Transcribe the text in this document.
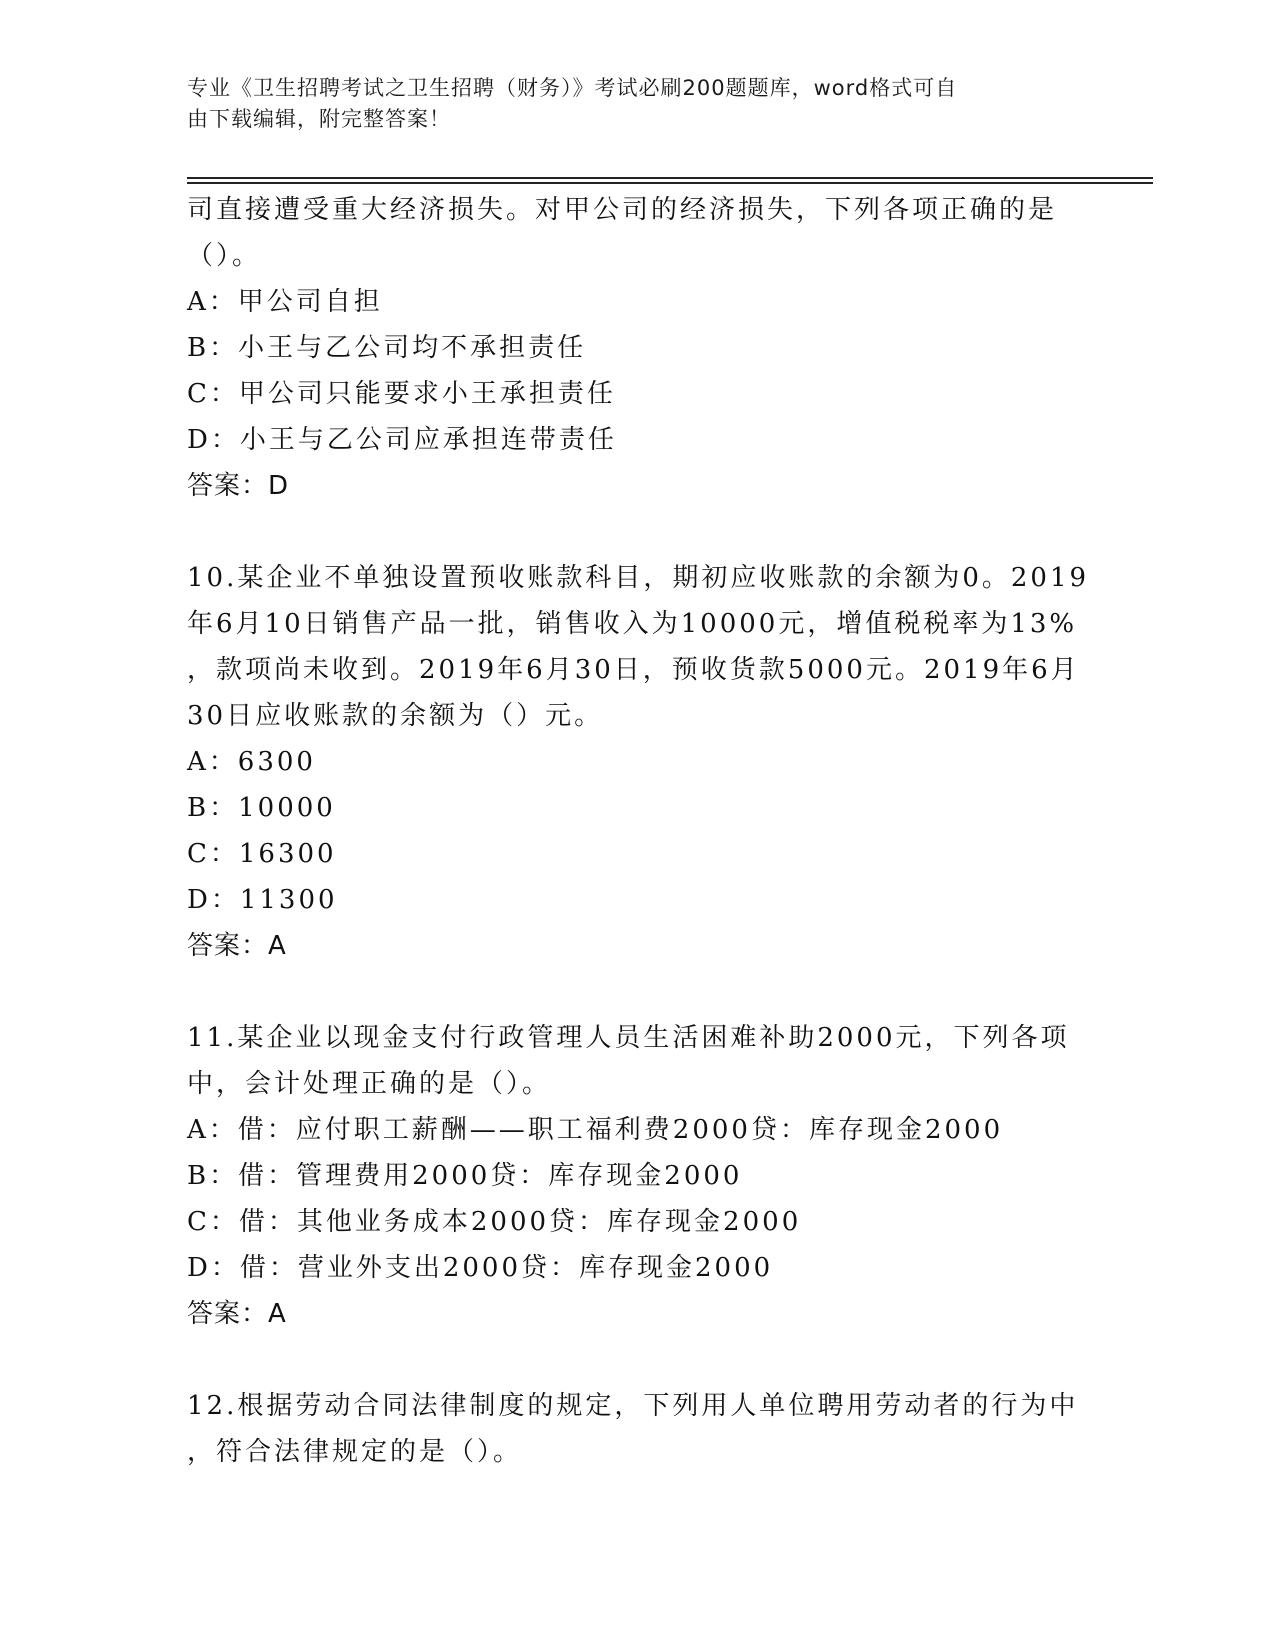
专业《卫生招聘考试之卫生招聘（财务）》考试必刷200题题库，word格式可自
由下载编辑，附完整答案！
司直接遭受重大经济损失。对甲公司的经济损失，下列各项正确的是
（）。
A：甲公司自担
B：小王与乙公司均不承担责任
C：甲公司只能要求小王承担责任
D：小王与乙公司应承担连带责任
答案：D
10.某企业不单独设置预收账款科目，期初应收账款的余额为0。2019
年6月10日销售产品一批，销售收入为10000元，增值税税率为13%
，款项尚未收到。2019年6月30日，预收货款5000元。2019年6月
30日应收账款的余额为（）元。
A：6300
B：10000
C：16300
D：11300
答案：A
11.某企业以现金支付行政管理人员生活困难补助2000元，下列各项
中，会计处理正确的是（）。
A：借：应付职工薪酬——职工福利费2000贷：库存现金2000
B：借：管理费用2000贷：库存现金2000
C：借：其他业务成本2000贷：库存现金2000
D：借：营业外支出2000贷：库存现金2000
答案：A
12.根据劳动合同法律制度的规定，下列用人单位聘用劳动者的行为中
，符合法律规定的是（）。
